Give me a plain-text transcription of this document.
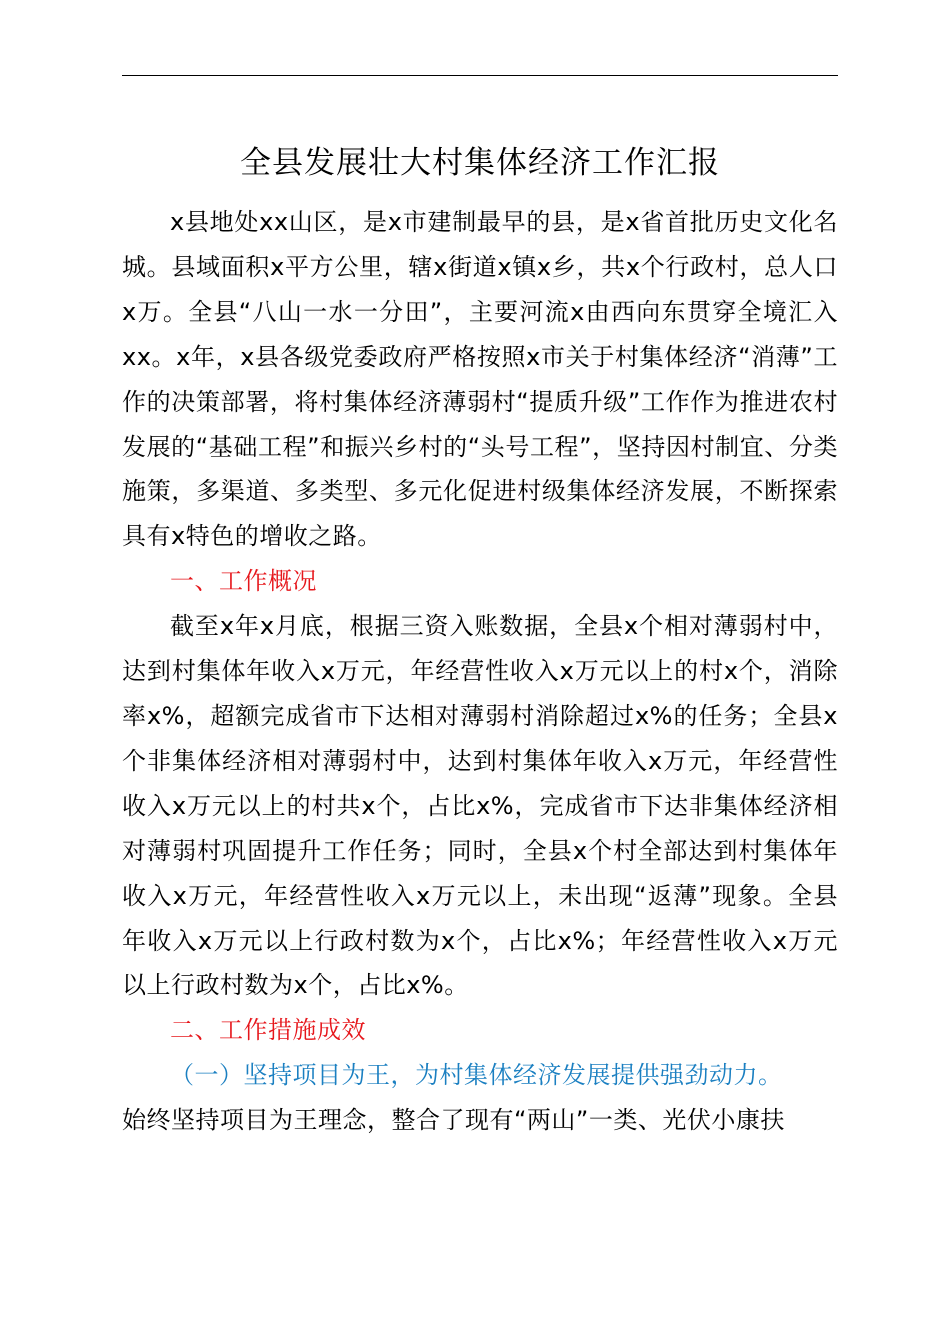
全县发展壮大村集体经济工作汇报

x县地处xx山区，是x市建制最早的县，是x省首批历史文化名城。县域面积x平方公里，辖x街道x镇x乡，共x个行政村，总人口x万。全县“八山一水一分田”，主要河流x由西向东贯穿全境汇入xx。x年，x县各级党委政府严格按照x市关于村集体经济“消薄”工作的决策部署，将村集体经济薄弱村“提质升级”工作作为推进农村发展的“基础工程”和振兴乡村的“头号工程”，坚持因村制宜、分类施策，多渠道、多类型、多元化促进村级集体经济发展，不断探索具有x特色的增收之路。

一、工作概况

截至x年x月底，根据三资入账数据，全县x个相对薄弱村中，达到村集体年收入x万元，年经营性收入x万元以上的村x个，消除率x%，超额完成省市下达相对薄弱村消除超过x%的任务；全县x个非集体经济相对薄弱村中，达到村集体年收入x万元，年经营性收入x万元以上的村共x个，占比x%，完成省市下达非集体经济相对薄弱村巩固提升工作任务；同时，全县x个村全部达到村集体年收入x万元，年经营性收入x万元以上，未出现“返薄”现象。全县年收入x万元以上行政村数为x个，占比x%；年经营性收入x万元以上行政村数为x个，占比x%。

二、工作措施成效

（一）坚持项目为王，为村集体经济发展提供强劲动力。

始终坚持项目为王理念，整合了现有“两山”一类、光伏小康扶
